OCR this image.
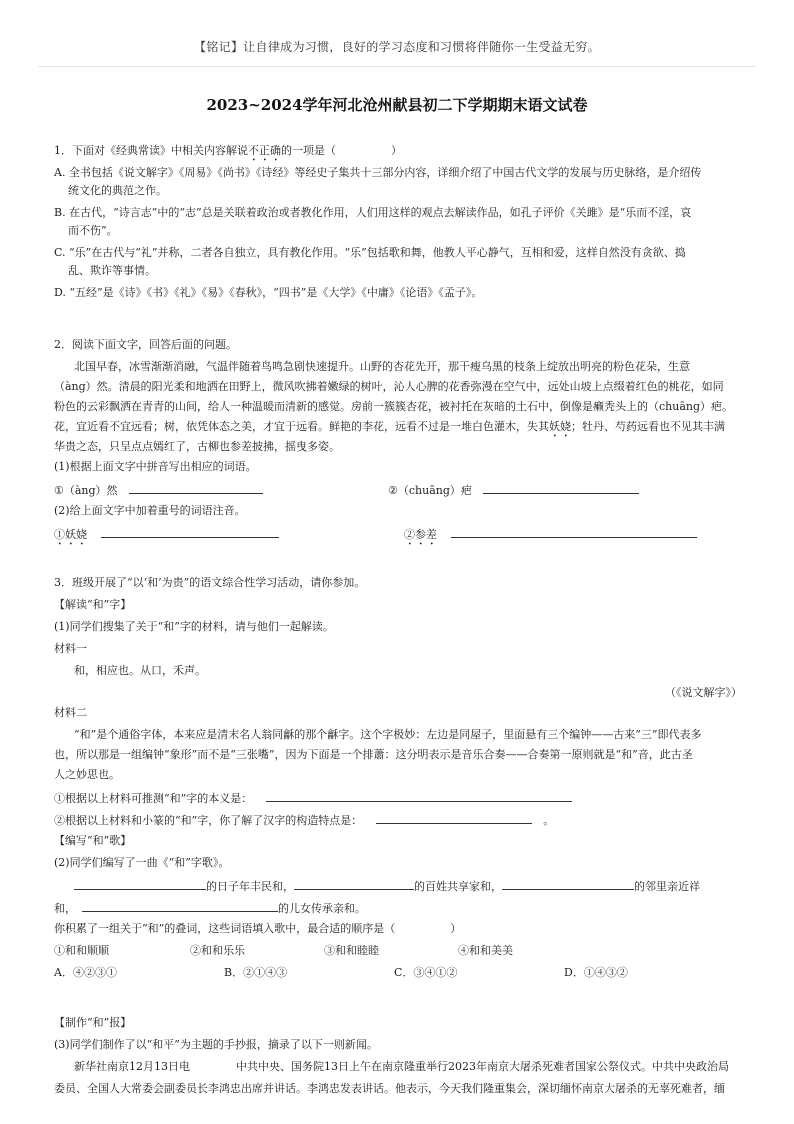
【铭记】让自律成为习惯，良好的学习态度和习惯将伴随你一生受益无穷。
2023~2024学年河北沧州献县初二下学期期末语文试卷
1．下面对《经典常读》中相关内容解说不正确的一项是（　　　　　）
A. 全书包括《说文解字》《周易》《尚书》《诗经》等经史子集共十三部分内容，详细介绍了中国古代文学的发展与历史脉络，是介绍传
统文化的典范之作。
B. 在古代，“诗言志”中的“志”总是关联着政治或者教化作用，人们用这样的观点去解读作品，如孔子评价《关雎》是“乐而不淫，哀
而不伤”。
C. “乐”在古代与“礼”并称，二者各自独立，具有教化作用。“乐”包括歌和舞，他教人平心静气，互相和爱，这样自然没有贪欲、捣
乱、欺诈等事情。
D. “五经”是《诗》《书》《礼》《易》《春秋》，“四书”是《大学》《中庸》《论语》《孟子》。
2．阅读下面文字，回答后面的问题。
北国早春，冰雪渐渐消融，气温伴随着鸟鸣急剧快速提升。山野的杏花先开，那干瘦乌黑的枝条上绽放出明亮的粉色花朵，生意
（àng）然。清晨的阳光柔和地洒在田野上，微风吹拂着嫩绿的树叶，沁人心脾的花香弥漫在空气中，远处山坡上点缀着红色的桃花，如同
粉色的云彩飘洒在青青的山间，给人一种温暖而清新的感觉。房前一簇簇杏花，被衬托在灰暗的土石中，倒像是癞秃头上的（chuāng）疤。
花，宜近看不宜远看；树，依凭体态之美，才宜于远看。鲜艳的李花，远看不过是一堆白色灌木，失其妖娆；牡丹、芍药远看也不见其丰满
华贵之态，只呈点点嫣红了，古柳也参差披拂，摇曳多姿。
(1)根据上面文字中拼音写出相应的词语。
①（àng）然	②（chuāng）疤
(2)给上面文字中加着重号的词语注音。
①妖娆	②参差
3．班级开展了“以‘和’为贵”的语文综合性学习活动，请你参加。
【解读“和”字】
(1)同学们搜集了关于“和”字的材料，请与他们一起解读。
材料一
和，相应也。从口，禾声。
（《说文解字》）
材料二
“和”是个通俗字体，本来应是清末名人翁同龢的那个龢字。这个字极妙：左边是同屋子，里面悬有三个编钟——古来“三”即代表多
也，所以那是一组编钟“象形”而不是“三张嘴”，因为下面是一个排蕭：这分明表示是音乐合奏——合奏第一原则就是“和”音，此古圣
人之妙思也。
①根据以上材料可推测“和”字的本义是：
②根据以上材料和小篆的“和”字，你了解了汉字的构造特点是：	。
【编写“和”歌】
(2)同学们编写了一曲《“和”字歌》。
的日子年丰民和，	的百姓共享家和，	的邻里亲近祥
和，	的儿女传承亲和。
你积累了一组关于“和”的叠词，这些词语填入歌中，最合适的顺序是（　　　　　）
①和和顺顺	②和和乐乐	③和和睦睦	④和和美美
A．④②③①	B．②①④③	C．③④①②	D．①④③②
【制作“和”报】
(3)同学们制作了以“和平”为主题的手抄报，摘录了以下一则新闻。
新华社南京12月13日电	中共中央、国务院13日上午在南京隆重举行2023年南京大屠杀死难者国家公祭仪式。中共中央政治局
委员、全国人大常委会副委员长李鸿忠出席并讲话。李鸿忠发表讲话。他表示，今天我们隆重集会，深切缅怀南京大屠杀的无辜死难者，缅
